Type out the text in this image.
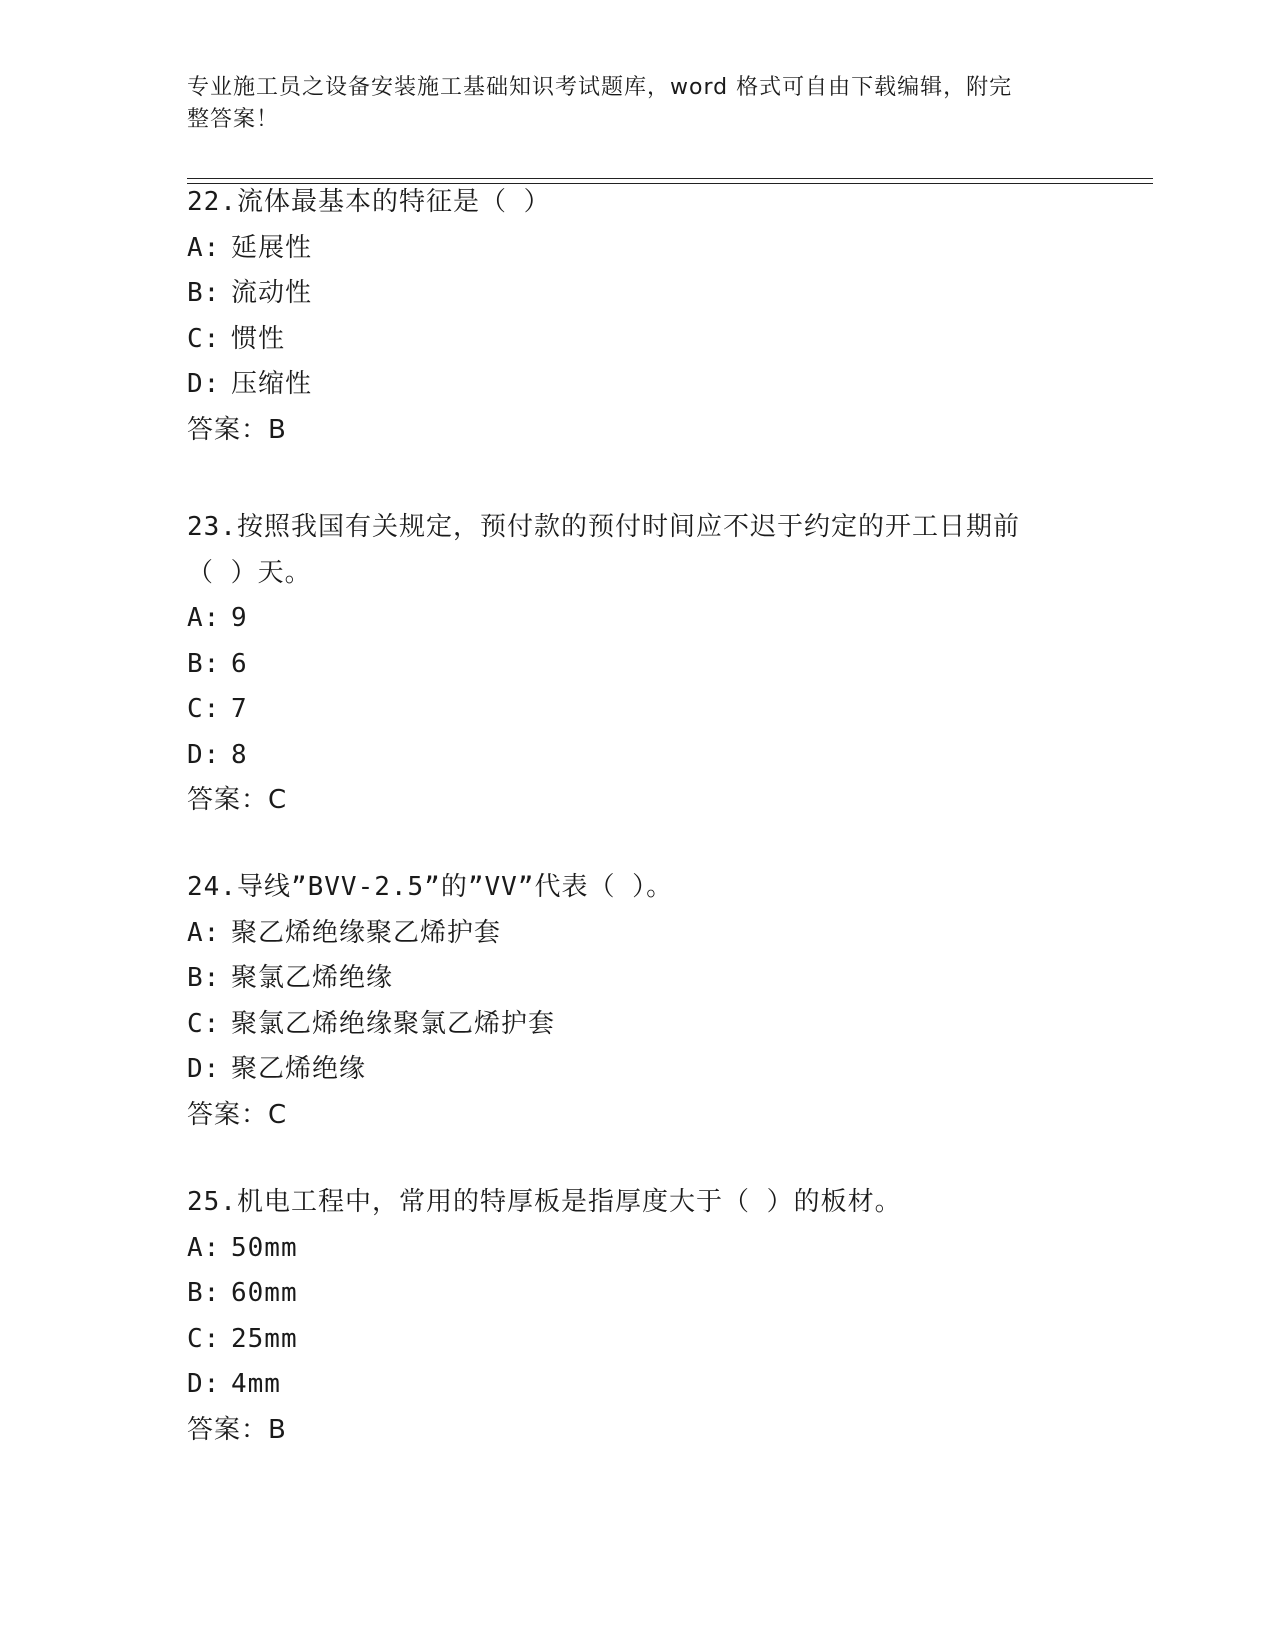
专业施工员之设备安装施工基础知识考试题库，word 格式可自由下载编辑，附完
整答案！
22.流体最基本的特征是（ ）
A: 延展性
B: 流动性
C: 惯性
D: 压缩性
答案：B
23.按照我国有关规定，预付款的预付时间应不迟于约定的开工日期前
（ ）天。
A: 9
B: 6
C: 7
D: 8
答案：C
24.导线”BVV-2.5”的”VV”代表（ ）。
A: 聚乙烯绝缘聚乙烯护套
B: 聚氯乙烯绝缘
C: 聚氯乙烯绝缘聚氯乙烯护套
D: 聚乙烯绝缘
答案：C
25.机电工程中，常用的特厚板是指厚度大于（ ）的板材。
A: 50mm
B: 60mm
C: 25mm
D: 4mm
答案：B
